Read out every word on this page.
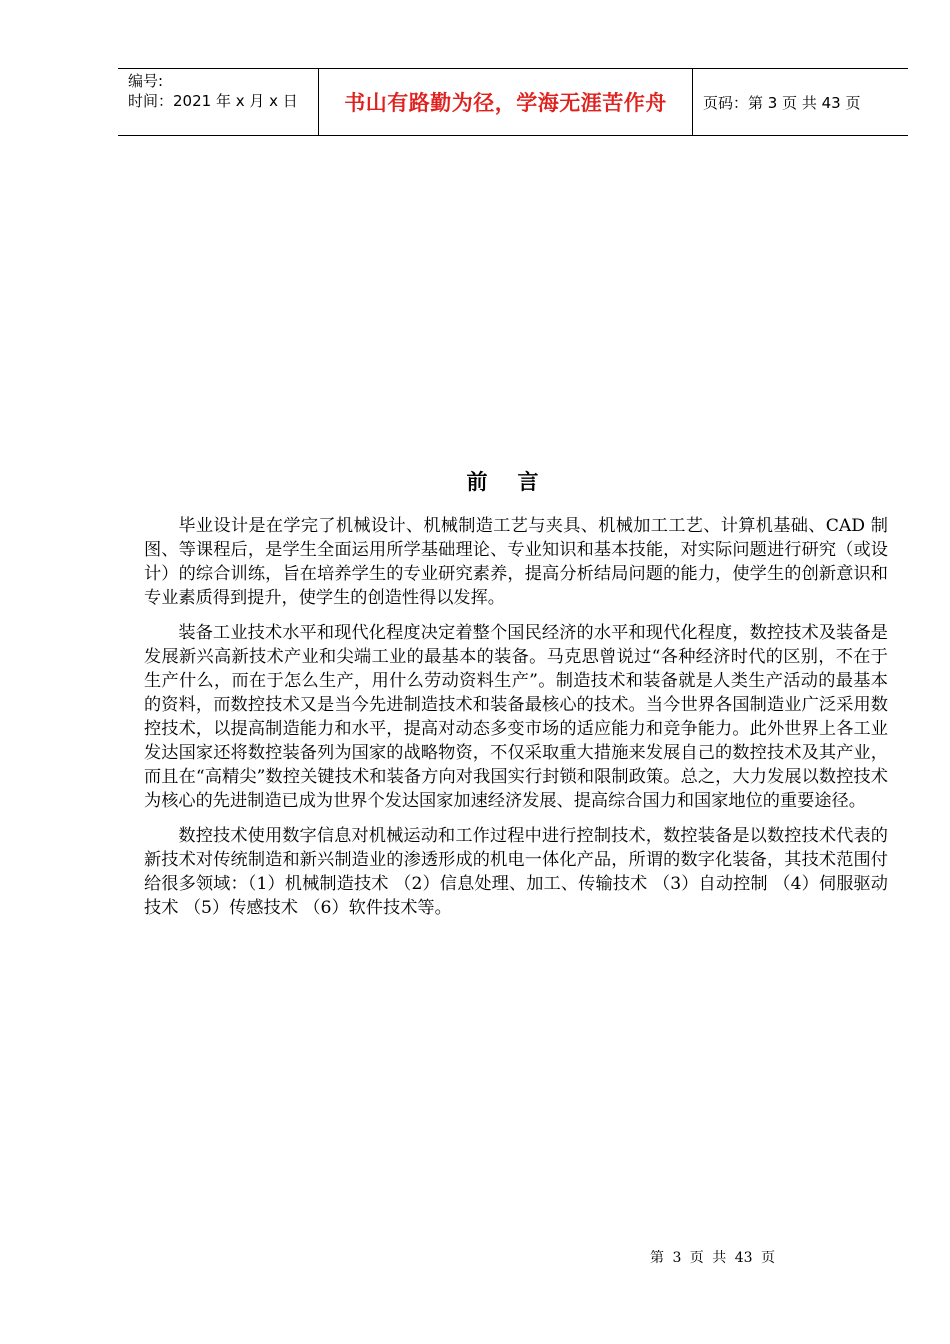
编号:
时间：2021 年 x 月 x 日	书山有路勤为径，学海无涯苦作舟	页码：第 3 页 共 43 页
前言

毕业设计是在学完了机械设计、机械制造工艺与夹具、机械加工工艺、计算机基础、CAD 制图、等课程后，是学生全面运用所学基础理论、专业知识和基本技能，对实际问题进行研究（或设计）的综合训练，旨在培养学生的专业研究素养，提高分析结局问题的能力，使学生的创新意识和专业素质得到提升，使学生的创造性得以发挥。

装备工业技术水平和现代化程度决定着整个国民经济的水平和现代化程度，数控技术及装备是发展新兴高新技术产业和尖端工业的最基本的装备。马克思曾说过“各种经济时代的区别，不在于生产什么，而在于怎么生产，用什么劳动资料生产”。制造技术和装备就是人类生产活动的最基本的资料，而数控技术又是当今先进制造技术和装备最核心的技术。当今世界各国制造业广泛采用数控技术，以提高制造能力和水平，提高对动态多变市场的适应能力和竞争能力。此外世界上各工业发达国家还将数控装备列为国家的战略物资，不仅采取重大措施来发展自己的数控技术及其产业，而且在“高精尖”数控关键技术和装备方向对我国实行封锁和限制政策。总之，大力发展以数控技术为核心的先进制造已成为世界个发达国家加速经济发展、提高综合国力和国家地位的重要途径。

数控技术使用数字信息对机械运动和工作过程中进行控制技术，数控装备是以数控技术代表的新技术对传统制造和新兴制造业的渗透形成的机电一体化产品，所谓的数字化装备，其技术范围付给很多领域：（1）机械制造技术 （2）信息处理、加工、传输技术 （3）自动控制 （4）伺服驱动技术 （5）传感技术 （6）软件技术等。

第 3 页 共 43 页
